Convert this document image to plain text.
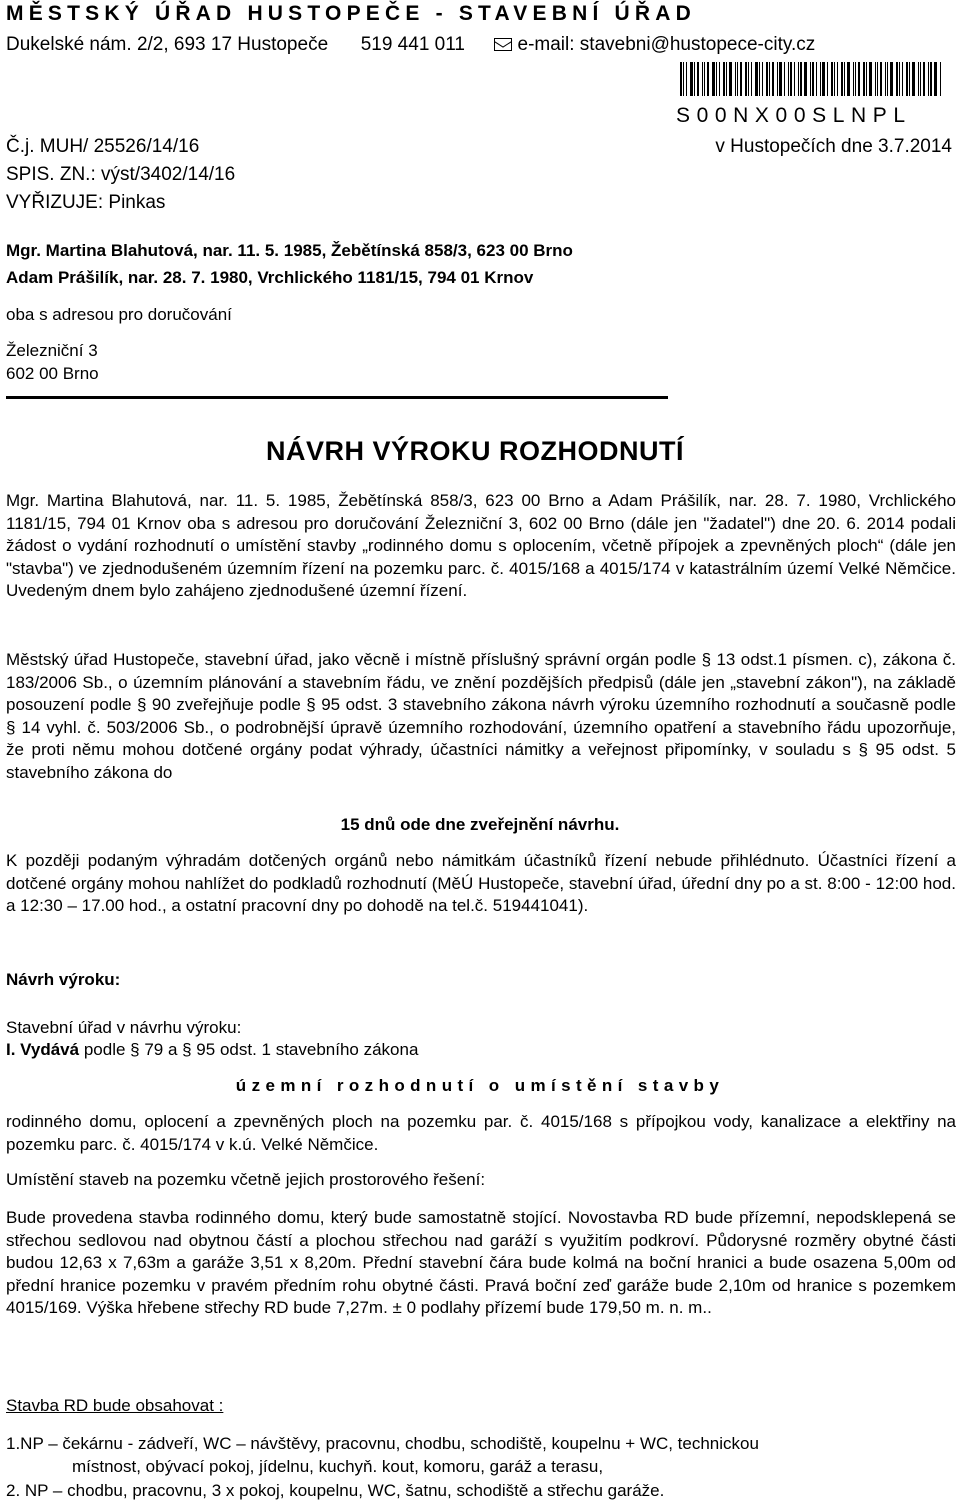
MĚSTSKÝ ÚŘAD HUSTOPEČE - STAVEBNÍ ÚŘAD
Dukelské nám. 2/2, 693 17 Hustopeče 519 441 011	e-mail: stavebni@hustopece-city.cz
S00NX00SLNPL
Č.j. MUH/ 25526/14/16	v Hustopečích dne 3.7.2014
SPIS. ZN.: výst/3402/14/16
VYŘIZUJE: Pinkas
Mgr. Martina Blahutová, nar. 11. 5. 1985, Žebětínská 858/3, 623 00 Brno
Adam Prášilík, nar. 28. 7. 1980, Vrchlického 1181/15, 794 01 Krnov
oba s adresou pro doručování
Železniční 3
602 00 Brno
NÁVRH VÝROKU ROZHODNUTÍ
Mgr. Martina Blahutová, nar. 11. 5. 1985, Žebětínská 858/3, 623 00 Brno a Adam Prášilík, nar. 28. 7. 1980, Vrchlického 1181/15, 794 01 Krnov oba s adresou pro doručování Železniční 3, 602 00 Brno (dále jen "žadatel") dne 20. 6. 2014 podali žádost o vydání rozhodnutí o umístění stavby „rodinného domu s oplocením, včetně přípojek a zpevněných ploch“ (dále jen "stavba") ve zjednodušeném územním řízení na pozemku parc. č. 4015/168 a 4015/174 v katastrálním území Velké Němčice. Uvedeným dnem bylo zahájeno zjednodušené územní řízení.
Městský úřad Hustopeče, stavební úřad, jako věcně i místně příslušný správní orgán podle § 13 odst.1 písmen. c), zákona č. 183/2006 Sb., o územním plánování a stavebním řádu, ve znění pozdějších předpisů (dále jen „stavební zákon"), na základě posouzení podle § 90 zveřejňuje podle § 95 odst. 3 stavebního zákona návrh výroku územního rozhodnutí a současně podle § 14 vyhl. č. 503/2006 Sb., o podrobnější úpravě územního rozhodování, územního opatření a stavebního řádu upozorňuje, že proti němu mohou dotčené orgány podat výhrady, účastníci námitky a veřejnost připomínky, v souladu s § 95 odst. 5 stavebního zákona do
15 dnů ode dne zveřejnění návrhu.
K později podaným výhradám dotčených orgánů nebo námitkám účastníků řízení nebude přihlédnuto. Účastníci řízení a dotčené orgány mohou nahlížet do podkladů rozhodnutí (MěÚ Hustopeče, stavební úřad, úřední dny po a st. 8:00 - 12:00 hod. a 12:30 – 17.00 hod., a ostatní pracovní dny po dohodě na tel.č. 519441041).
Návrh výroku:
Stavební úřad v návrhu výroku:
I. Vydává podle § 79 a § 95 odst. 1 stavebního zákona
územní rozhodnutí o umístění stavby
rodinného domu, oplocení a zpevněných ploch na pozemku par. č. 4015/168 s přípojkou vody, kanalizace a elektřiny na pozemku parc. č. 4015/174 v k.ú. Velké Němčice.
Umístění staveb na pozemku včetně jejich prostorového řešení:
Bude provedena stavba rodinného domu, který bude samostatně stojící. Novostavba RD bude přízemní, nepodsklepená se střechou sedlovou nad obytnou částí a plochou střechou nad garáží s využitím podkroví. Půdorysné rozměry obytné části budou 12,63 x 7,63m a garáže 3,51 x 8,20m. Přední stavební čára bude kolmá na boční hranici a bude osazena 5,00m od přední hranice pozemku v pravém předním rohu obytné části. Pravá boční zeď garáže bude 2,10m od hranice s pozemkem 4015/169. Výška hřebene střechy RD bude 7,27m. ± 0 podlahy přízemí bude 179,50 m. n. m..
Stavba RD bude obsahovat :
1.NP – čekárnu - zádveří, WC – návštěvy, pracovnu, chodbu, schodiště, koupelnu + WC, technickou
místnost, obývací pokoj, jídelnu, kuchyň. kout, komoru, garáž a terasu,
2. NP – chodbu, pracovnu, 3 x pokoj, koupelnu, WC, šatnu, schodiště a střechu garáže.
